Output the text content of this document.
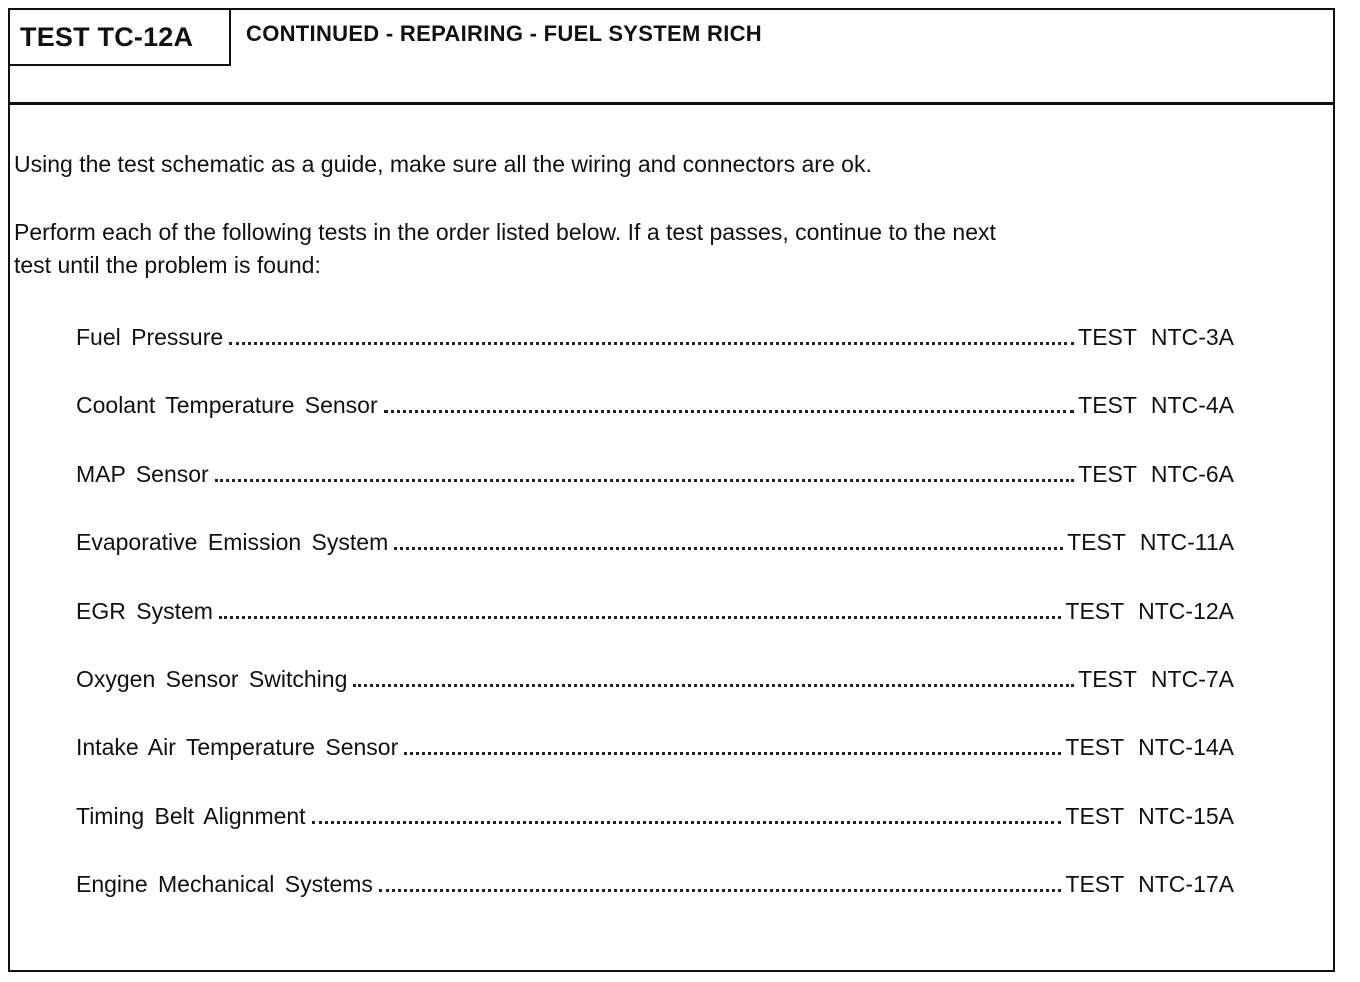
TEST TC-12A	CONTINUED - REPAIRING - FUEL SYSTEM RICH
Using the test schematic as a guide, make sure all the wiring and connectors are ok.
Perform each of the following tests in the order listed below. If a test passes, continue to the next
test until the problem is found:
Fuel Pressure	TEST NTC-3A
Coolant Temperature Sensor	TEST NTC-4A
MAP Sensor	TEST NTC-6A
Evaporative Emission System	TEST NTC-11A
EGR System	TEST NTC-12A
Oxygen Sensor Switching	TEST NTC-7A
Intake Air Temperature Sensor	TEST NTC-14A
Timing Belt Alignment	TEST NTC-15A
Engine Mechanical Systems	TEST NTC-17A
